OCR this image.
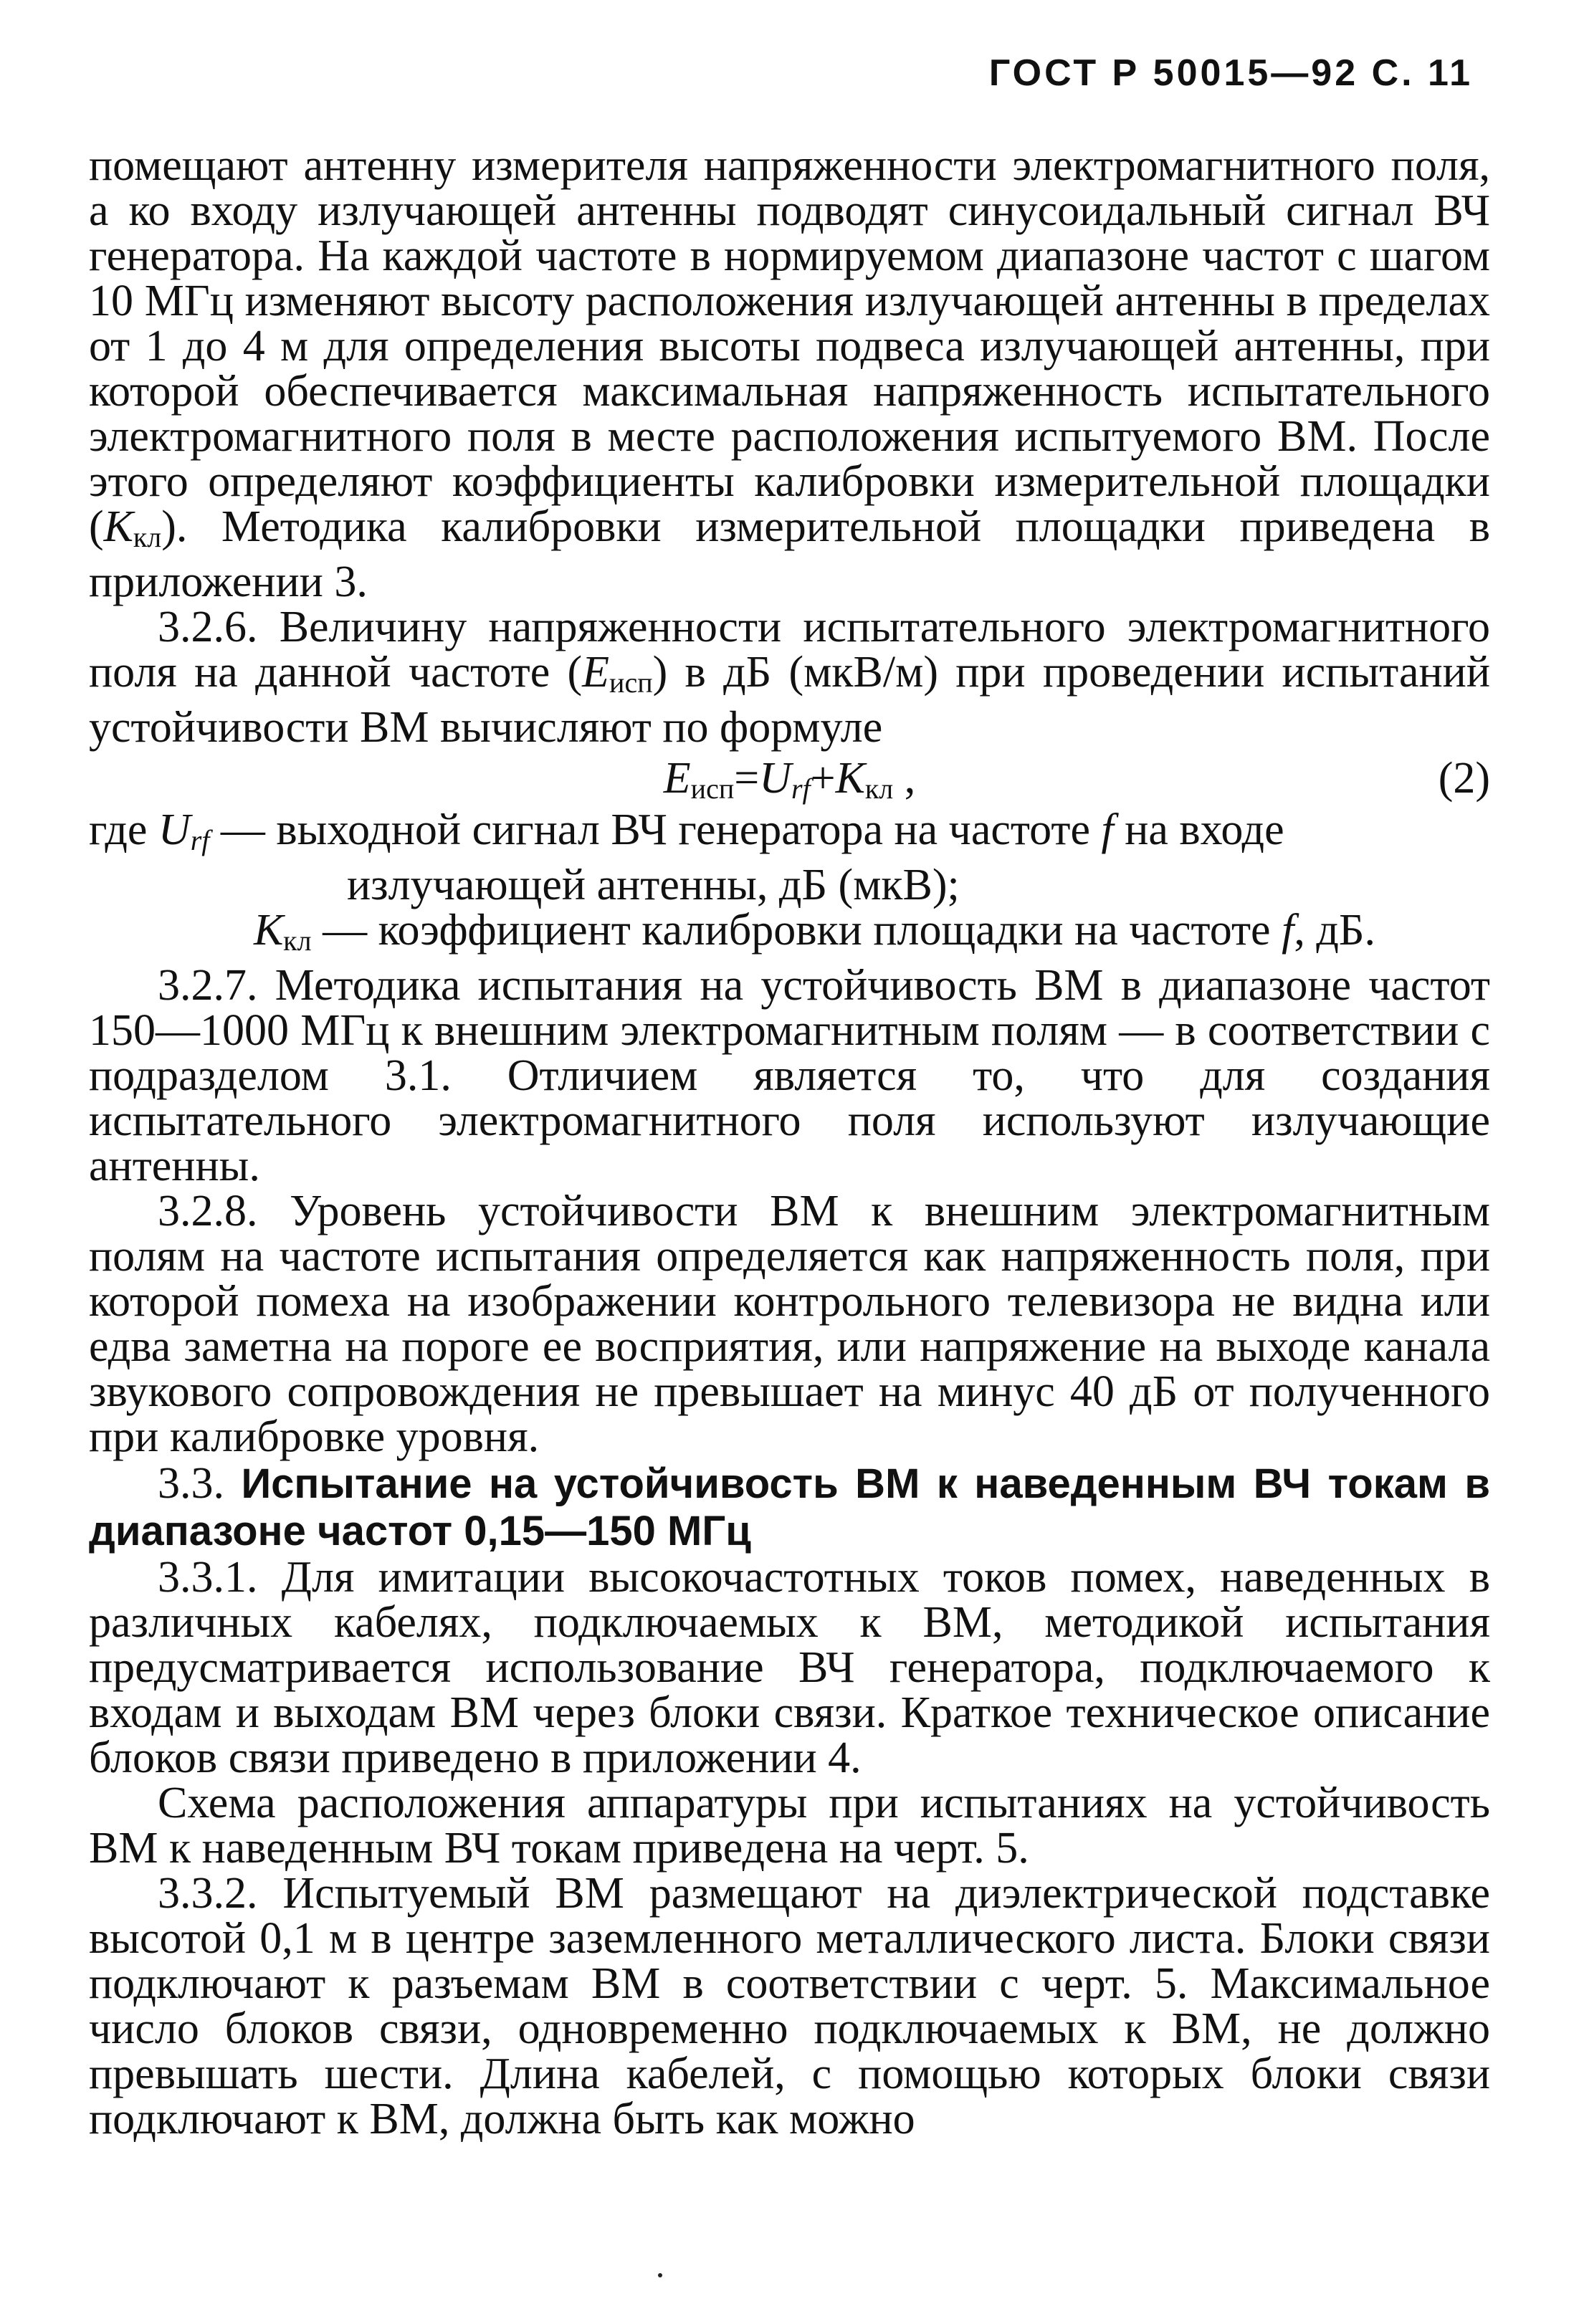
ГОСТ Р 50015—92 С. 11

помещают антенну измерителя напряженности электромагнитного поля, а ко входу излучающей антенны подводят синусоидальный сигнал ВЧ генератора. На каждой частоте в нормируемом диапазоне частот с шагом 10 МГц изменяют высоту расположения излучающей антенны в пределах от 1 до 4 м для определения высоты подвеса излучающей антенны, при которой обеспечивается максимальная напряженность испытательного электромагнитного поля в месте расположения испытуемого ВМ. После этого определяют коэффициенты калибровки измерительной площадки (Ккл). Методика калибровки измерительной площадки приведена в приложении 3.

3.2.6. Величину напряженности испытательного электромагнитного поля на данной частоте (Еисп) в дБ (мкВ/м) при проведении испытаний устойчивости ВМ вычисляют по формуле

$Е_{исп}=Urf+К_{кл}$ ,	(2)
где Urf — выходной сигнал ВЧ генератора на частоте f на входе
излучающей антенны, дБ (мкВ);
Ккл — коэффициент калибровки площадки на частоте f, дБ.

3.2.7. Методика испытания на устойчивость ВМ в диапазоне частот 150—1000 МГц к внешним электромагнитным полям — в соответствии с подразделом 3.1. Отличием является то, что для создания испытательного электромагнитного поля используют излучающие антенны.

3.2.8. Уровень устойчивости ВМ к внешним электромагнитным полям на частоте испытания определяется как напряженность поля, при которой помеха на изображении контрольного телевизора не видна или едва заметна на пороге ее восприятия, или напряжение на выходе канала звукового сопровождения не превышает на минус 40 дБ от полученного при калибровке уровня.

3.3. Испытание на устойчивость ВМ к наведенным ВЧ токам в диапазоне частот 0,15—150 МГц

3.3.1. Для имитации высокочастотных токов помех, наведенных в различных кабелях, подключаемых к ВМ, методикой испытания предусматривается использование ВЧ генератора, подключаемого к входам и выходам ВМ через блоки связи. Краткое техническое описание блоков связи приведено в приложении 4.

Схема расположения аппаратуры при испытаниях на устойчивость ВМ к наведенным ВЧ токам приведена на черт. 5.

3.3.2. Испытуемый ВМ размещают на диэлектрической подставке высотой 0,1 м в центре заземленного металлического листа. Блоки связи подключают к разъемам ВМ в соответствии с черт. 5. Максимальное число блоков связи, одновременно подключаемых к ВМ, не должно превышать шести. Длина кабелей, с помощью которых блоки связи подключают к ВМ, должна быть как можно
